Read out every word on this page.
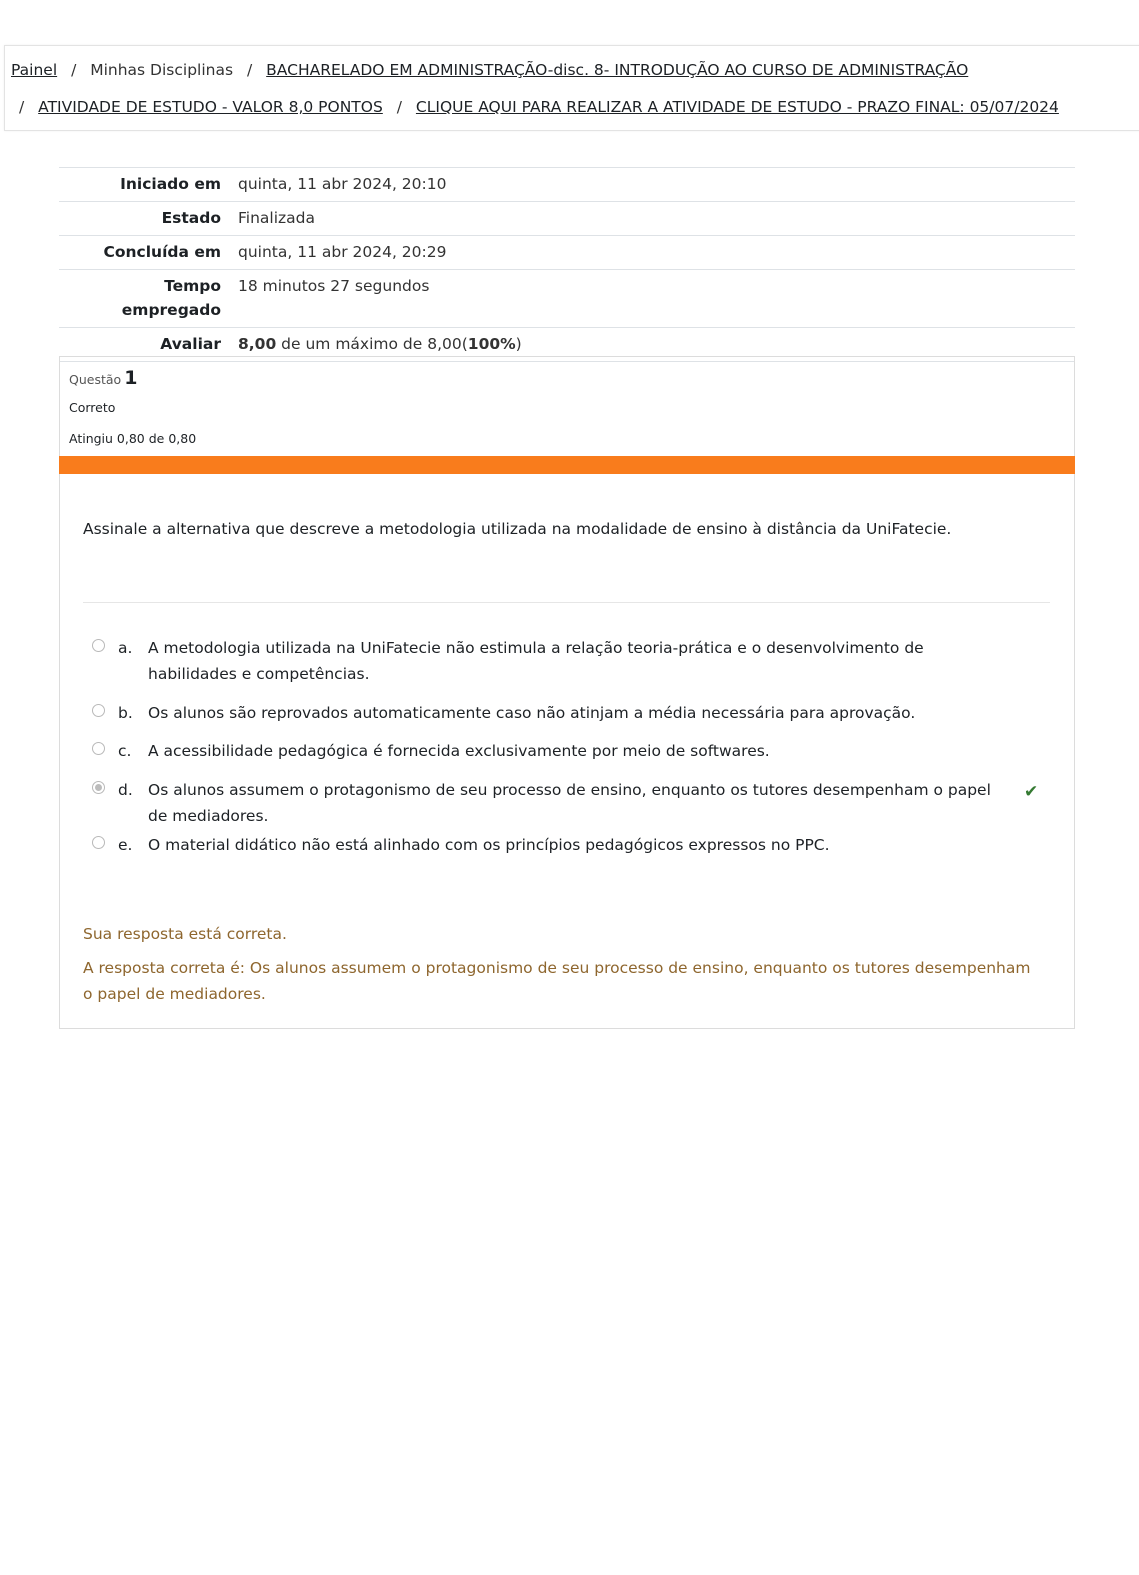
Painel / Minhas Disciplinas / BACHARELADO EM ADMINISTRAÇÃO-disc. 8- INTRODUÇÃO AO CURSO DE ADMINISTRAÇÃO
/ ATIVIDADE DE ESTUDO - VALOR 8,0 PONTOS / CLIQUE AQUI PARA REALIZAR A ATIVIDADE DE ESTUDO - PRAZO FINAL: 05/07/2024
Iniciado em	quinta, 11 abr 2024, 20:10
Estado	Finalizada
Concluída em	quinta, 11 abr 2024, 20:29
Tempo
empregado	18 minutos 27 segundos
Avaliar	8,00 de um máximo de 8,00(100%)
Questão 1
Correto
Atingiu 0,80 de 0,80
Assinale a alternativa que descreve a metodologia utilizada na modalidade de ensino à distância da UniFatecie.
a. A metodologia utilizada na UniFatecie não estimula a relação teoria-prática e o desenvolvimento de habilidades e competências.
b. Os alunos são reprovados automaticamente caso não atinjam a média necessária para aprovação.
c. A acessibilidade pedagógica é fornecida exclusivamente por meio de softwares.
d. Os alunos assumem o protagonismo de seu processo de ensino, enquanto os tutores desempenham o papel de mediadores.
✔
e. O material didático não está alinhado com os princípios pedagógicos expressos no PPC.
Sua resposta está correta.
A resposta correta é: Os alunos assumem o protagonismo de seu processo de ensino, enquanto os tutores desempenham o papel de mediadores.
